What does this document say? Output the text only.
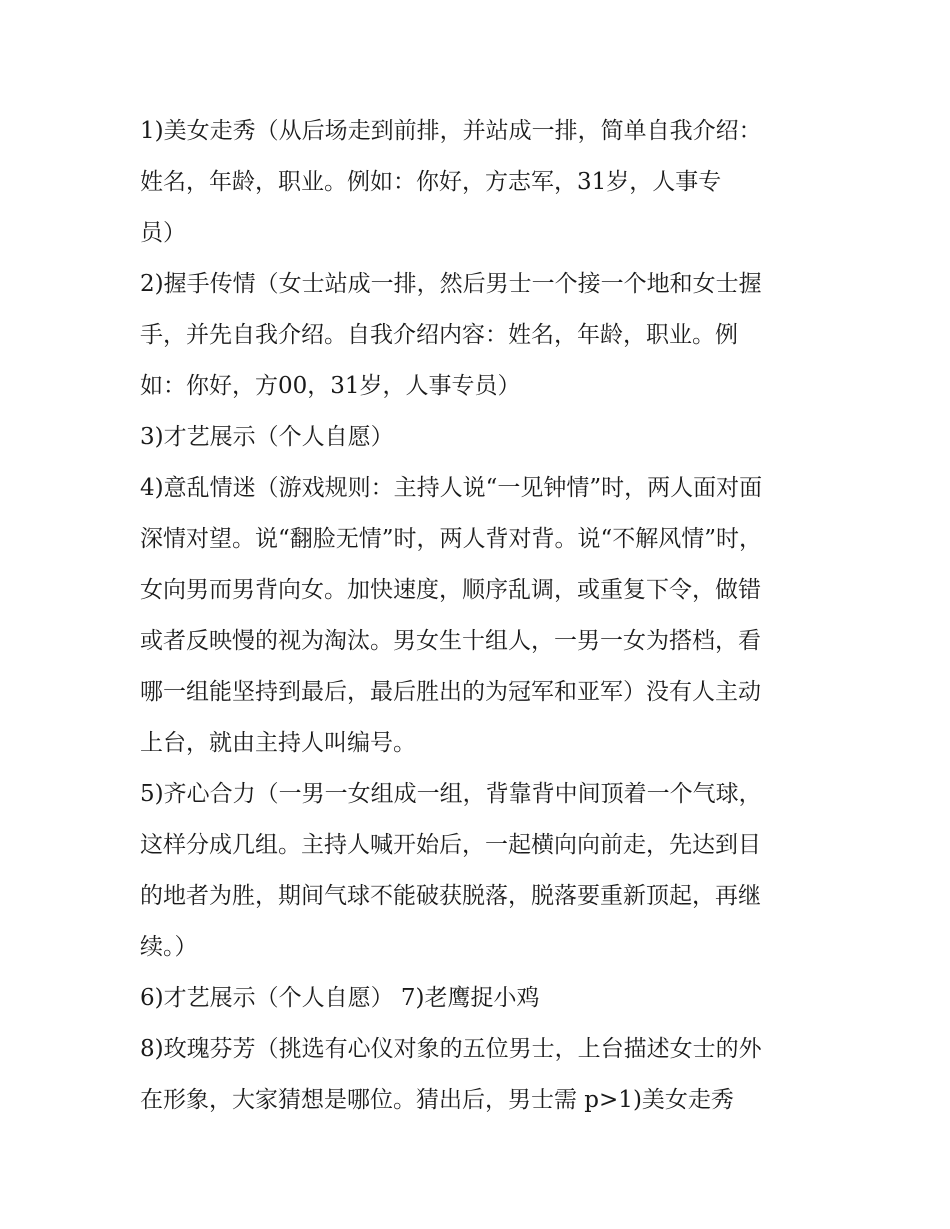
1)美女走秀（从后场走到前排，并站成一排，简单自我介绍：
姓名，年龄，职业。例如：你好，方志军，31岁，人事专
员）
2)握手传情（女士站成一排，然后男士一个接一个地和女士握
手，并先自我介绍。自我介绍内容：姓名，年龄，职业。例
如：你好，方00，31岁，人事专员）
3)才艺展示（个人自愿）
4)意乱情迷（游戏规则：主持人说“一见钟情”时，两人面对面
深情对望。说“翻脸无情”时，两人背对背。说“不解风情”时，
女向男而男背向女。加快速度，顺序乱调，或重复下令，做错
或者反映慢的视为淘汰。男女生十组人，一男一女为搭档，看
哪一组能坚持到最后，最后胜出的为冠军和亚军）没有人主动
上台，就由主持人叫编号。
5)齐心合力（一男一女组成一组，背靠背中间顶着一个气球，
这样分成几组。主持人喊开始后，一起横向向前走，先达到目
的地者为胜，期间气球不能破获脱落，脱落要重新顶起，再继
续。）
6)才艺展示（个人自愿） 7)老鹰捉小鸡
8)玫瑰芬芳（挑选有心仪对象的五位男士，上台描述女士的外
在形象，大家猜想是哪位。猜出后，男士需 p>1)美女走秀
